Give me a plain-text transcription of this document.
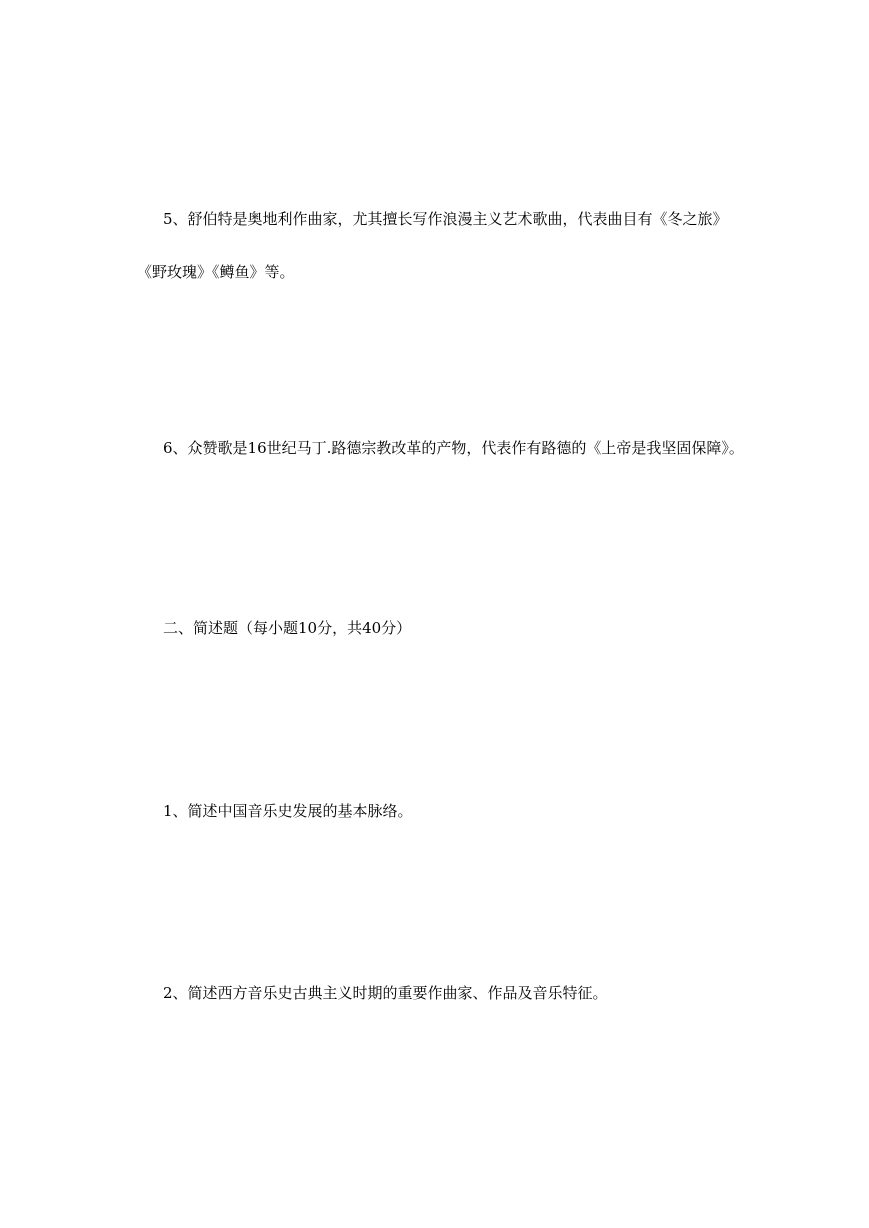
5、舒伯特是奥地利作曲家，尤其擅长写作浪漫主义艺术歌曲，代表曲目有《冬之旅》
《野玫瑰》《鳟鱼》等。
6、众赞歌是16世纪马丁.路德宗教改革的产物，代表作有路德的《上帝是我坚固保障》。
二、简述题（每小题10分，共40分）
1、简述中国音乐史发展的基本脉络。
2、简述西方音乐史古典主义时期的重要作曲家、作品及音乐特征。
